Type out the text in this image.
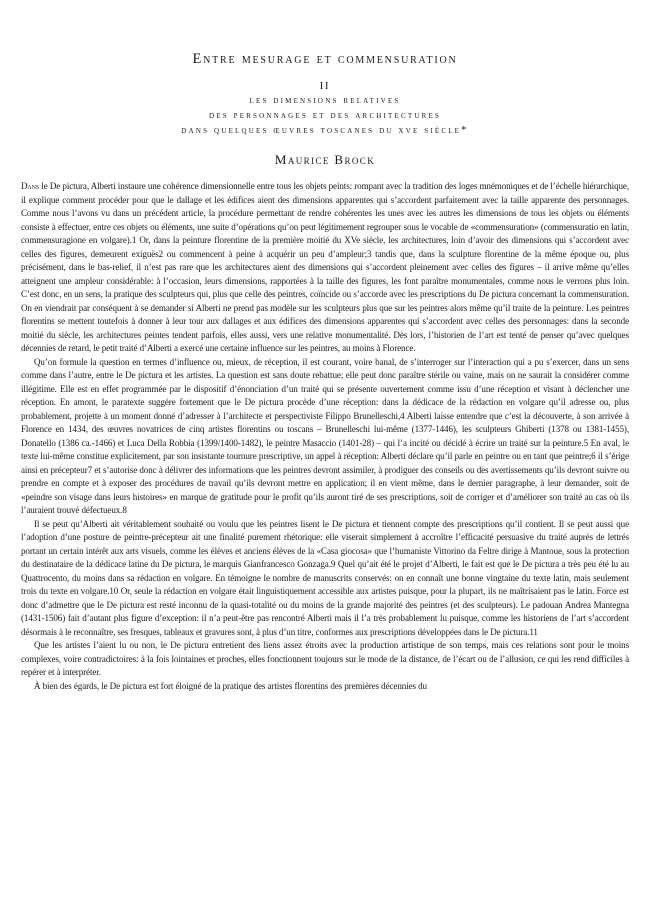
Entre mesurage et commensuration
II
les dimensions relatives
des personnages et des architectures
dans quelques œuvres toscanes du xve siècle*
Maurice Brock

Dans le De pictura, Alberti instaure une cohérence dimensionnelle entre tous les objets peints: rompant avec la tradition des loges mnémoniques et de l’échelle hiérarchique, il explique comment procéder pour que le dallage et les édifices aient des dimensions apparentes qui s’accordent parfaitement avec la taille apparente des personnages. Comme nous l’avons vu dans un précédent article, la procédure permettant de rendre cohérentes les unes avec les autres les dimensions de tous les objets ou éléments consiste à effectuer, entre ces objets ou éléments, une suite d’opérations qu’on peut légitimement regrouper sous le vocable de «commensuration» (commensuratio en latin, commensuragione en volgare).1 Or, dans la peinture florentine de la première moitié du XVe siècle, les architectures, loin d’avoir des dimensions qui s’accordent avec celles des figures, demeurent exiguës2 ou commencent à peine à acquérir un peu d’ampleur;3 tandis que, dans la sculpture florentine de la même époque ou, plus précisément, dans le bas-relief, il n’est pas rare que les architectures aient des dimensions qui s’accordent pleinement avec celles des figures – il arrive même qu’elles atteignent une ampleur considérable: à l’occasion, leurs dimensions, rapportées à la taille des figures, les font paraître monumentales, comme nous le verrons plus loin. C’est donc, en un sens, la pratique des sculpteurs qui, plus que celle des peintres, coïncide ou s’accorde avec les prescriptions du De pictura concernant la commensuration. On en viendrait par conséquent à se demander si Alberti ne prend pas modèle sur les sculpteurs plus que sur les peintres alors même qu’il traite de la peinture. Les peintres florentins se mettent toutefois à donner à leur tour aux dallages et aux édifices des dimensions apparentes qui s’accordent avec celles des personnages: dans la seconde moitié du siècle, les architectures peintes tendent parfois, elles aussi, vers une relative monumentalité. Dès lors, l’historien de l’art est tenté de penser qu’avec quelques décennies de retard, le petit traité d’Alberti a exercé une certaine influence sur les peintres, au moins à Florence.

Qu’on formule la question en termes d’influence ou, mieux, de réception, il est courant, voire banal, de s’interroger sur l’interaction qui a pu s’exercer, dans un sens comme dans l’autre, entre le De pictura et les artistes. La question est sans doute rebattue; elle peut donc paraître stérile ou vaine, mais on ne saurait la considérer comme illégitime. Elle est en effet programmée par le dispositif d’énonciation d’un traité qui se présente ouvertement comme issu d’une réception et visant à déclencher une réception. En amont, le paratexte suggère fortement que le De pictura procède d’une réception: dans la dédicace de la rédaction en volgare qu’il adresse ou, plus probablement, projette à un moment donné d’adresser à l’architecte et perspectiviste Filippo Brunelleschi,4 Alberti laisse entendre que c’est la découverte, à son arrivée à Florence en 1434, des œuvres novatrices de cinq artistes florentins ou toscans – Brunelleschi lui-même (1377-1446), les sculpteurs Ghiberti (1378 ou 1381-1455), Donatello (1386 ca.-1466) et Luca Della Robbia (1399/1400-1482), le peintre Masaccio (1401-28) – qui l’a incité ou décidé à écrire un traité sur la peinture.5 En aval, le texte lui-même constitue explicitement, par son insistante tournure prescriptive, un appel à réception: Alberti déclare qu’il parle en peintre ou en tant que peintre;6 il s’érige ainsi en précepteur7 et s’autorise donc à délivrer des informations que les peintres devront assimiler, à prodiguer des conseils ou des avertissements qu’ils devront suivre ou prendre en compte et à exposer des procédures de travail qu’ils devront mettre en application; il en vient même, dans le dernier paragraphe, à leur demander, soit de «peindre son visage dans leurs histoires» en marque de gratitude pour le profit qu’ils auront tiré de ses prescriptions, soit de corriger et d’améliorer son traité au cas où ils l’auraient trouvé défectueux.8

Il se peut qu’Alberti ait véritablement souhaité ou voulu que les peintres lisent le De pictura et tiennent compte des prescriptions qu’il contient. Il se peut aussi que l’adoption d’une posture de peintre-précepteur ait une finalité purement rhétorique: elle viserait simplement à accroître l’efficacité persuasive du traité auprès de lettrés portant un certain intérêt aux arts visuels, comme les élèves et anciens élèves de la «Casa giocosa» que l’humaniste Vittorino da Feltre dirige à Mantoue, sous la protection du destinataire de la dédicace latine du De pictura, le marquis Gianfrancesco Gonzaga.9 Quel qu’ait été le projet d’Alberti, le fait est que le De pictura a très peu été lu au Quattrocento, du moins dans sa rédaction en volgare. En témoigne le nombre de manuscrits conservés: on en connaît une bonne vingtaine du texte latin, mais seulement trois du texte en volgare.10 Or, seule la rédaction en volgare était linguistiquement accessible aux artistes puisque, pour la plupart, ils ne maîtrisaient pas le latin. Force est donc d’admettre que le De pictura est resté inconnu de la quasi-totalité ou du moins de la grande majorité des peintres (et des sculpteurs). Le padouan Andrea Mantegna (1431-1506) fait d’autant plus figure d’exception: il n’a peut-être pas rencontré Alberti mais il l’a très probablement lu puisque, comme les historiens de l’art s’accordent désormais à le reconnaître, ses fresques, tableaux et gravures sont, à plus d’un titre, conformes aux prescriptions développées dans le De pictura.11

Que les artistes l’aient lu ou non, le De pictura entretient des liens assez étroits avec la production artistique de son temps, mais ces relations sont pour le moins complexes, voire contradictoires: à la fois lointaines et proches, elles fonctionnent toujours sur le mode de la distance, de l’écart ou de l’allusion, ce qui les rend difficiles à repérer et à interpréter.

À bien des égards, le De pictura est fort éloigné de la pratique des artistes florentins des premières décennies du
